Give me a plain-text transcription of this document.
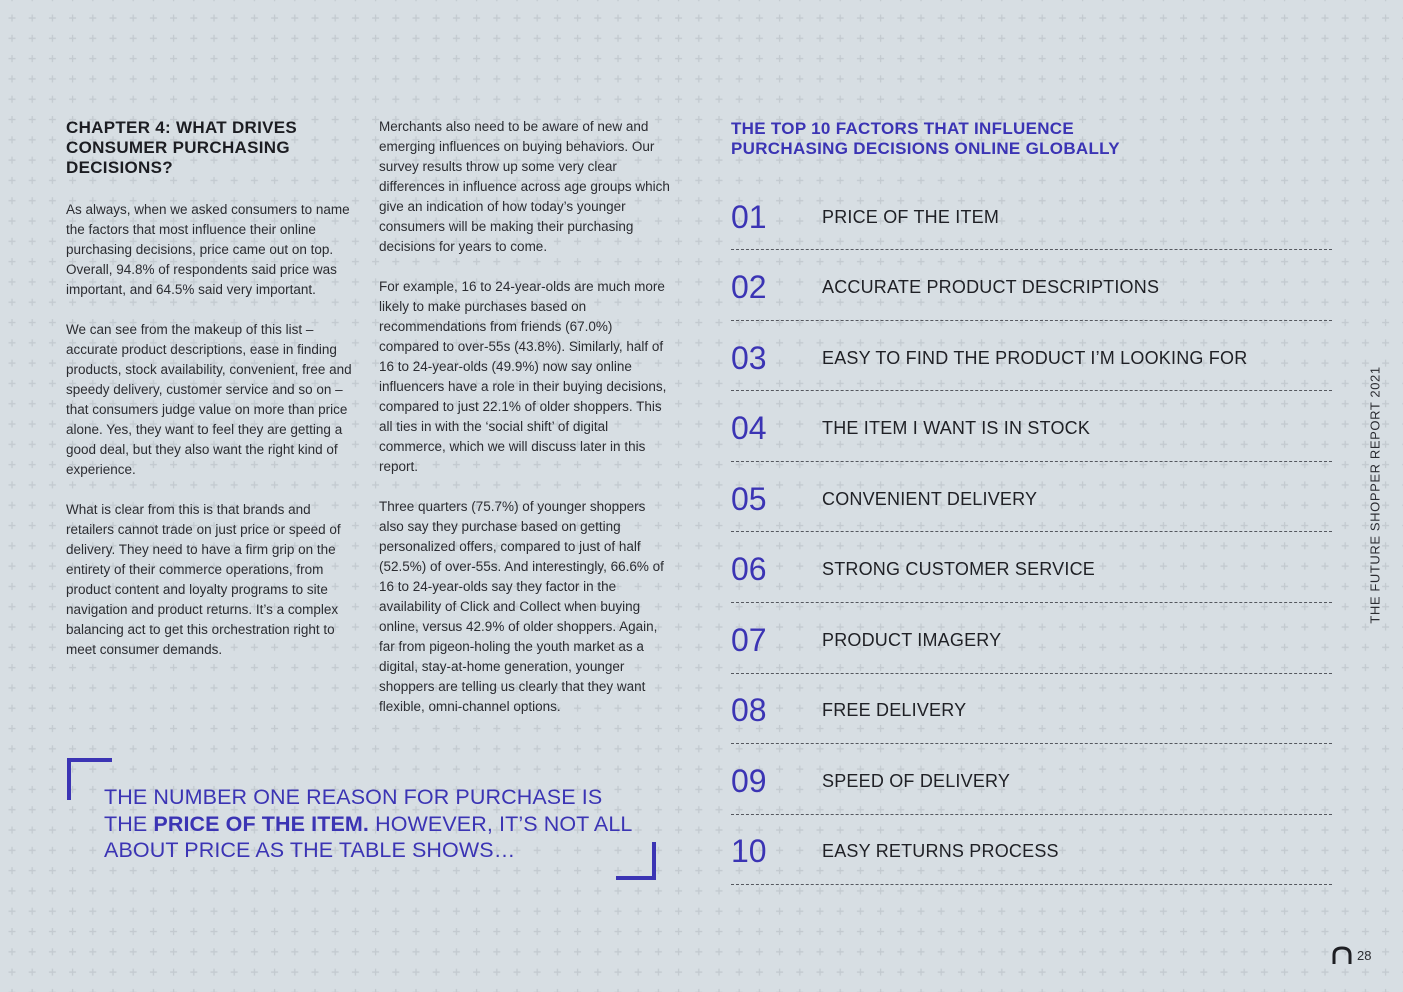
CHAPTER 4: WHAT DRIVES CONSUMER PURCHASING DECISIONS?

As always, when we asked consumers to name the factors that most influence their online purchasing decisions, price came out on top. Overall, 94.8% of respondents said price was important, and 64.5% said very important.

We can see from the makeup of this list – accurate product descriptions, ease in finding products, stock availability, convenient, free and speedy delivery, customer service and so on – that consumers judge value on more than price alone. Yes, they want to feel they are getting a good deal, but they also want the right kind of experience.

What is clear from this is that brands and retailers cannot trade on just price or speed of delivery. They need to have a firm grip on the entirety of their commerce operations, from product content and loyalty programs to site navigation and product returns. It’s a complex balancing act to get this orchestration right to meet consumer demands.

Merchants also need to be aware of new and emerging influences on buying behaviors. Our survey results throw up some very clear differences in influence across age groups which give an indication of how today’s younger consumers will be making their purchasing decisions for years to come.

For example, 16 to 24-year-olds are much more likely to make purchases based on recommendations from friends (67.0%) compared to over-55s (43.8%). Similarly, half of 16 to 24-year-olds (49.9%) now say online influencers have a role in their buying decisions, compared to just 22.1% of older shoppers. This all ties in with the ‘social shift’ of digital commerce, which we will discuss later in this report.

Three quarters (75.7%) of younger shoppers also say they purchase based on getting personalized offers, compared to just of half (52.5%) of over-55s. And interestingly, 66.6% of 16 to 24-year-olds say they factor in the availability of Click and Collect when buying online, versus 42.9% of older shoppers. Again, far from pigeon-holing the youth market as a digital, stay-at-home generation, younger shoppers are telling us clearly that they want flexible, omni-channel options.

THE NUMBER ONE REASON FOR PURCHASE IS THE PRICE OF THE ITEM. HOWEVER, IT’S NOT ALL ABOUT PRICE AS THE TABLE SHOWS…
THE TOP 10 FACTORS THAT INFLUENCE PURCHASING DECISIONS ONLINE GLOBALLY
01	PRICE OF THE ITEM
02	ACCURATE PRODUCT DESCRIPTIONS
03	EASY TO FIND THE PRODUCT I’M LOOKING FOR
04	THE ITEM I WANT IS IN STOCK
05	CONVENIENT DELIVERY
06	STRONG CUSTOMER SERVICE
07	PRODUCT IMAGERY
08	FREE DELIVERY
09	SPEED OF DELIVERY
10	EASY RETURNS PROCESS
THE FUTURE SHOPPER REPORT 2021
28
